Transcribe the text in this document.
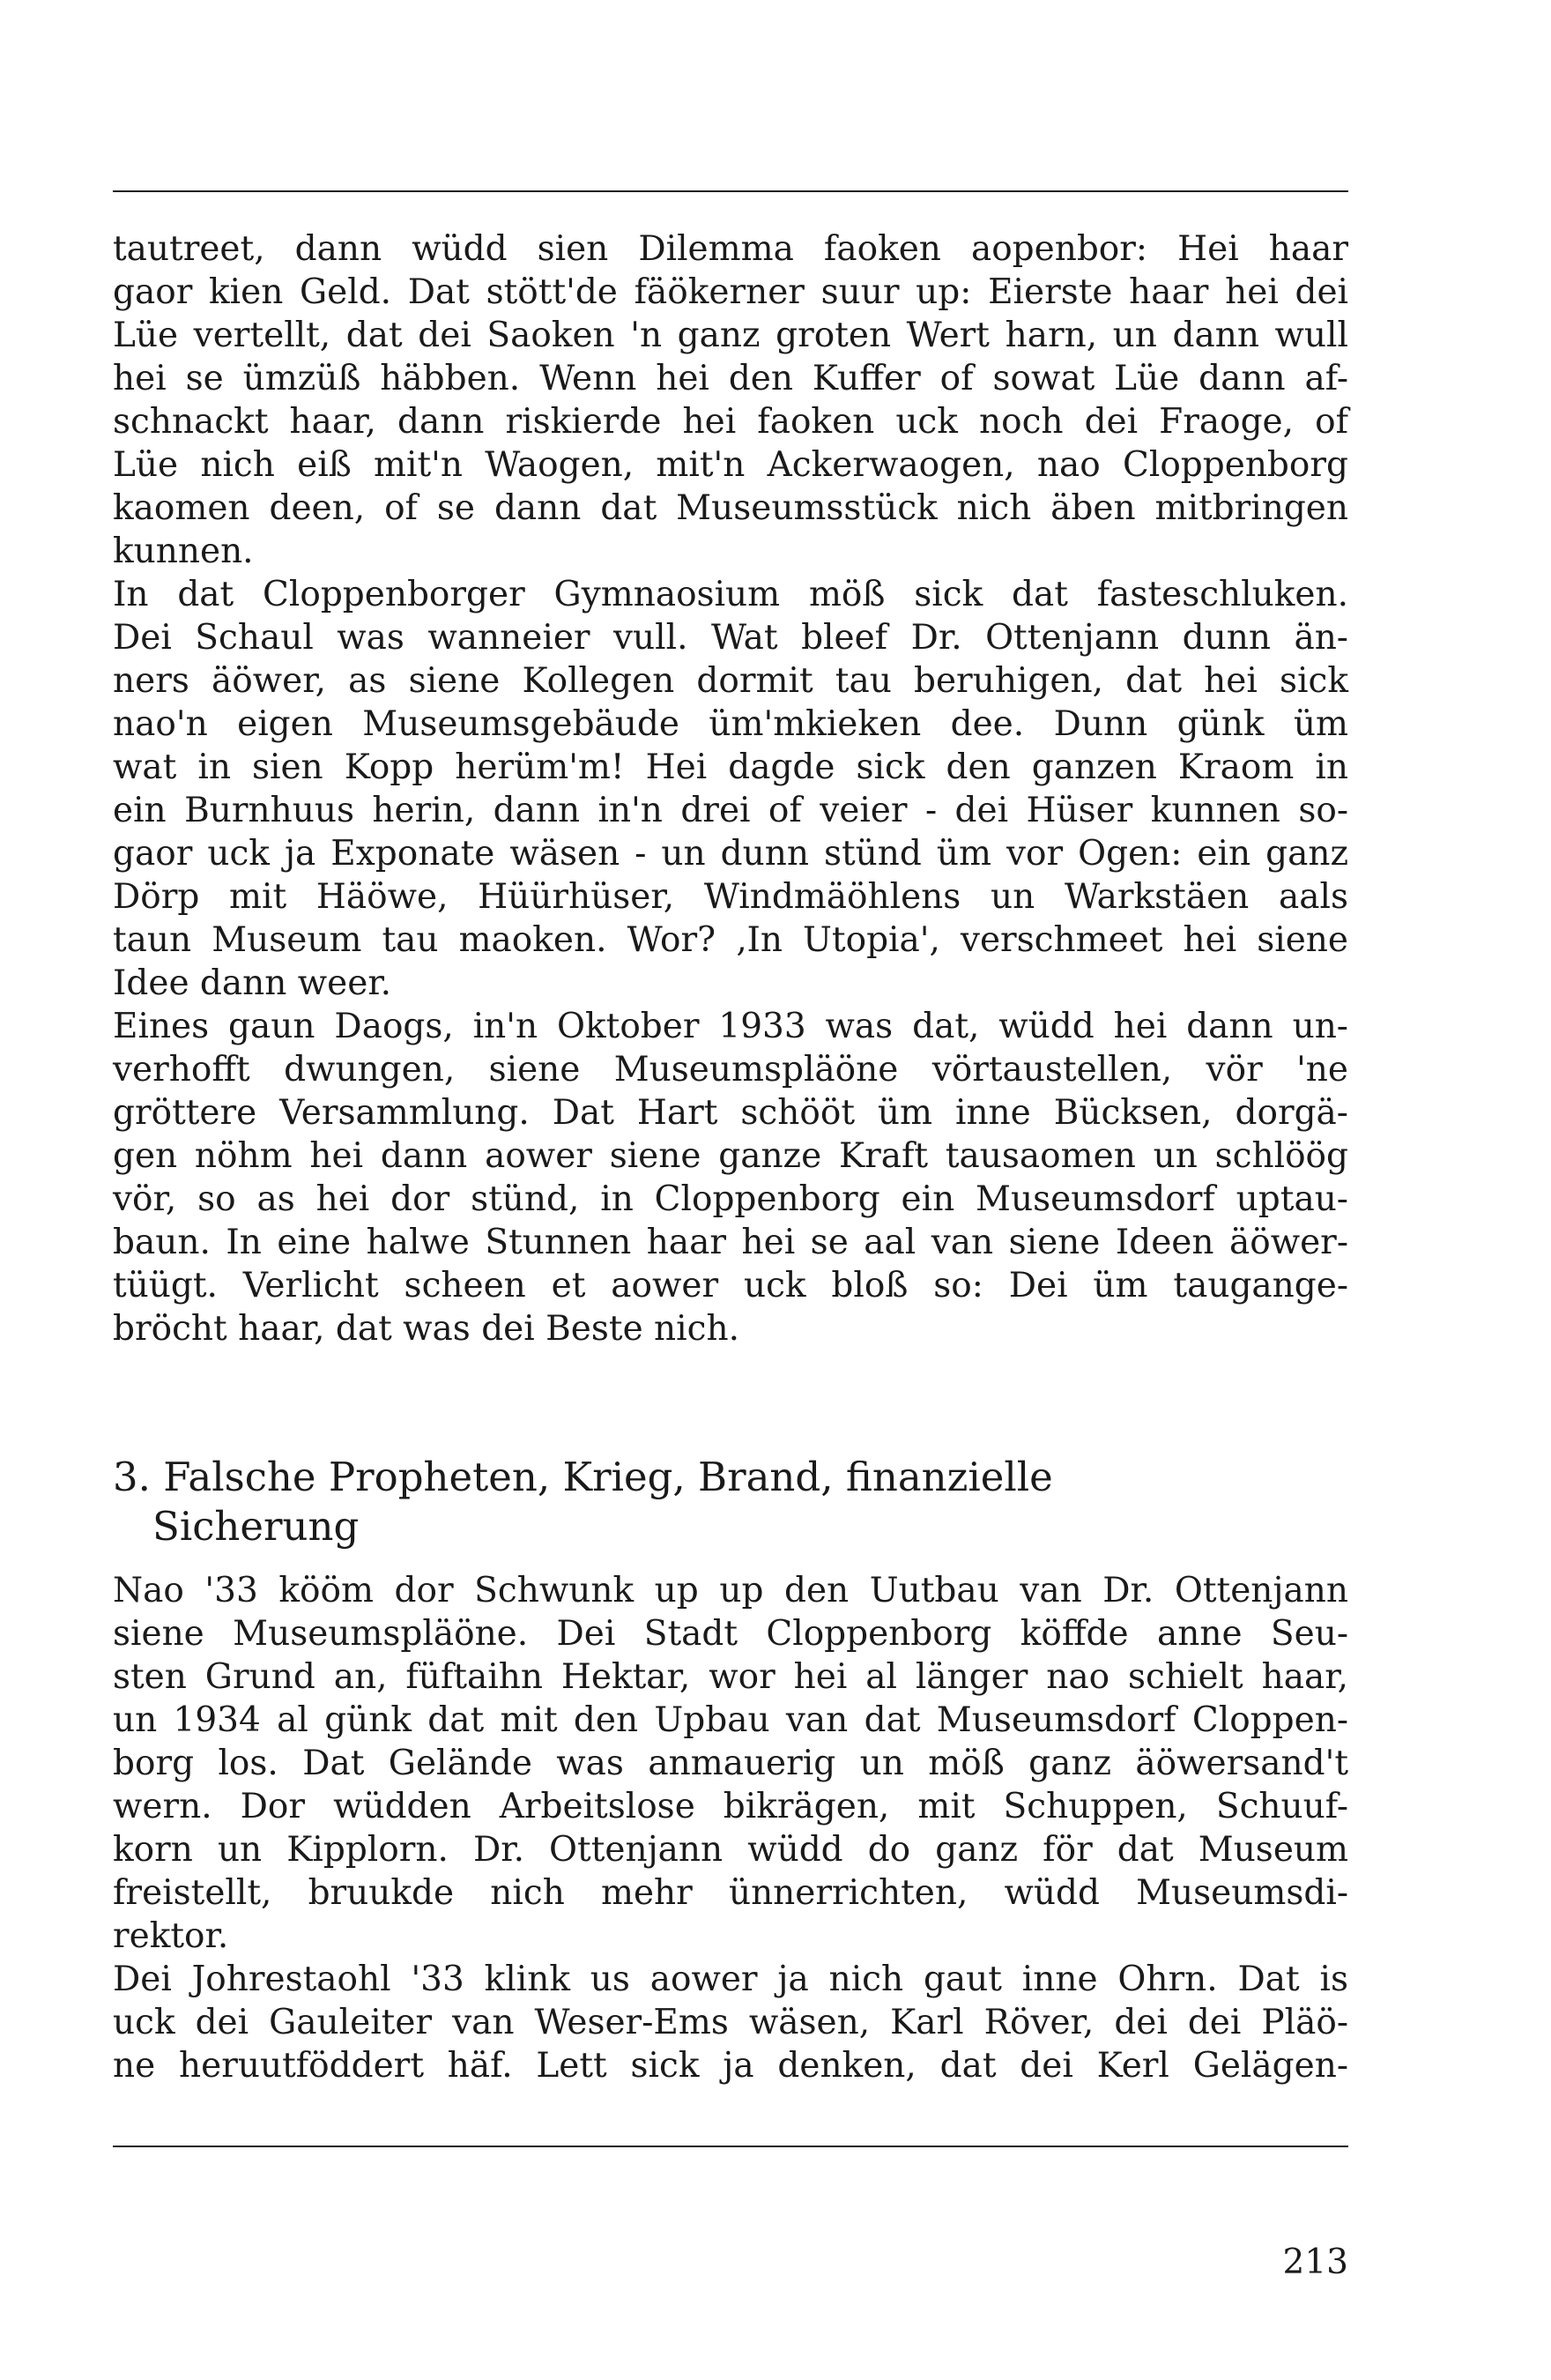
tautreet, dann wüdd sien Dilemma faoken aopenbor: Hei haar
gaor kien Geld. Dat stött'de fäökerner suur up: Eierste haar hei dei
Lüe vertellt, dat dei Saoken 'n ganz groten Wert harn, un dann wull
hei se ümzüß häbben. Wenn hei den Kuffer of sowat Lüe dann af-
schnackt haar, dann riskierde hei faoken uck noch dei Fraoge, of
Lüe nich eiß mit'n Waogen, mit'n Ackerwaogen, nao Cloppenborg
kaomen deen, of se dann dat Museumsstück nich äben mitbringen
kunnen.
In dat Cloppenborger Gymnaosium möß sick dat fasteschluken.
Dei Schaul was wanneier vull. Wat bleef Dr. Ottenjann dunn än-
ners äöwer, as siene Kollegen dormit tau beruhigen, dat hei sick
nao'n eigen Museumsgebäude üm'mkieken dee. Dunn günk üm
wat in sien Kopp herüm'm! Hei dagde sick den ganzen Kraom in
ein Burnhuus herin, dann in'n drei of veier - dei Hüser kunnen so-
gaor uck ja Exponate wäsen - un dunn stünd üm vor Ogen: ein ganz
Dörp mit Häöwe, Hüürhüser, Windmäöhlens un Warkstäen aals
taun Museum tau maoken. Wor? ‚In Utopia', verschmeet hei siene
Idee dann weer.
Eines gaun Daogs, in'n Oktober 1933 was dat, wüdd hei dann un-
verhofft dwungen, siene Museumspläöne vörtaustellen, vör 'ne
gröttere Versammlung. Dat Hart schööt üm inne Bücksen, dorgä-
gen nöhm hei dann aower siene ganze Kraft tausaomen un schlöög
vör, so as hei dor stünd, in Cloppenborg ein Museumsdorf uptau-
baun. In eine halwe Stunnen haar hei se aal van siene Ideen äöwer-
tüügt. Verlicht scheen et aower uck bloß so: Dei üm taugange-
bröcht haar, dat was dei Beste nich.
3. Falsche Propheten, Krieg, Brand, finanzielle
Sicherung
Nao '33 kööm dor Schwunk up up den Uutbau van Dr. Ottenjann
siene Museumspläöne. Dei Stadt Cloppenborg köffde anne Seu-
sten Grund an, füftaihn Hektar, wor hei al länger nao schielt haar,
un 1934 al günk dat mit den Upbau van dat Museumsdorf Cloppen-
borg los. Dat Gelände was anmauerig un möß ganz äöwersand't
wern. Dor wüdden Arbeitslose bikrägen, mit Schuppen, Schuuf-
korn un Kipplorn. Dr. Ottenjann wüdd do ganz för dat Museum
freistellt, bruukde nich mehr ünnerrichten, wüdd Museumsdi-
rektor.
Dei Johrestaohl '33 klink us aower ja nich gaut inne Ohrn. Dat is
uck dei Gauleiter van Weser-Ems wäsen, Karl Röver, dei dei Pläö-
ne heruutföddert häf. Lett sick ja denken, dat dei Kerl Gelägen-
213
